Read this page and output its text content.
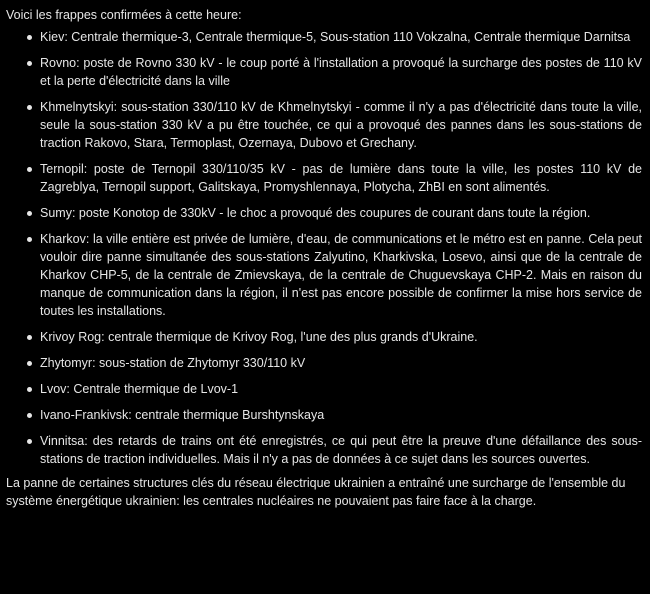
Voici les frappes confirmées à cette heure:

Kiev: Centrale thermique-3, Centrale thermique-5, Sous-station 110 Vokzalna, Centrale thermique Darnitsa
Rovno: poste de Rovno 330 kV - le coup porté à l'installation a provoqué la surcharge des postes de 110 kV et la perte d'électricité dans la ville
Khmelnytskyi: sous-station 330/110 kV de Khmelnytskyi - comme il n'y a pas d'électricité dans toute la ville, seule la sous-station 330 kV a pu être touchée, ce qui a provoqué des pannes dans les sous-stations de traction Rakovo, Stara, Termoplast, Ozernaya, Dubovo et Grechany.
Ternopil: poste de Ternopil 330/110/35 kV - pas de lumière dans toute la ville, les postes 110 kV de Zagreblya, Ternopil support, Galitskaya, Promyshlennaya, Plotycha, ZhBI en sont alimentés.
Sumy: poste Konotop de 330kV - le choc a provoqué des coupures de courant dans toute la région.
Kharkov: la ville entière est privée de lumière, d'eau, de communications et le métro est en panne. Cela peut vouloir dire panne simultanée des sous-stations Zalyutino, Kharkivska, Losevo, ainsi que de la centrale de Kharkov CHP-5, de la centrale de Zmievskaya, de la centrale de Chuguevskaya CHP-2. Mais en raison du manque de communication dans la région, il n'est pas encore possible de confirmer la mise hors service de toutes les installations.
Krivoy Rog: centrale thermique de Krivoy Rog, l'une des plus grands d'Ukraine.
Zhytomyr: sous-station de Zhytomyr 330/110 kV
Lvov: Centrale thermique de Lvov-1
Ivano-Frankivsk: centrale thermique Burshtynskaya
Vinnitsa: des retards de trains ont été enregistrés, ce qui peut être la preuve d'une défaillance des sous-stations de traction individuelles. Mais il n'y a pas de données à ce sujet dans les sources ouvertes.

La panne de certaines structures clés du réseau électrique ukrainien a entraîné une surcharge de l'ensemble du système énergétique ukrainien: les centrales nucléaires ne pouvaient pas faire face à la charge.
